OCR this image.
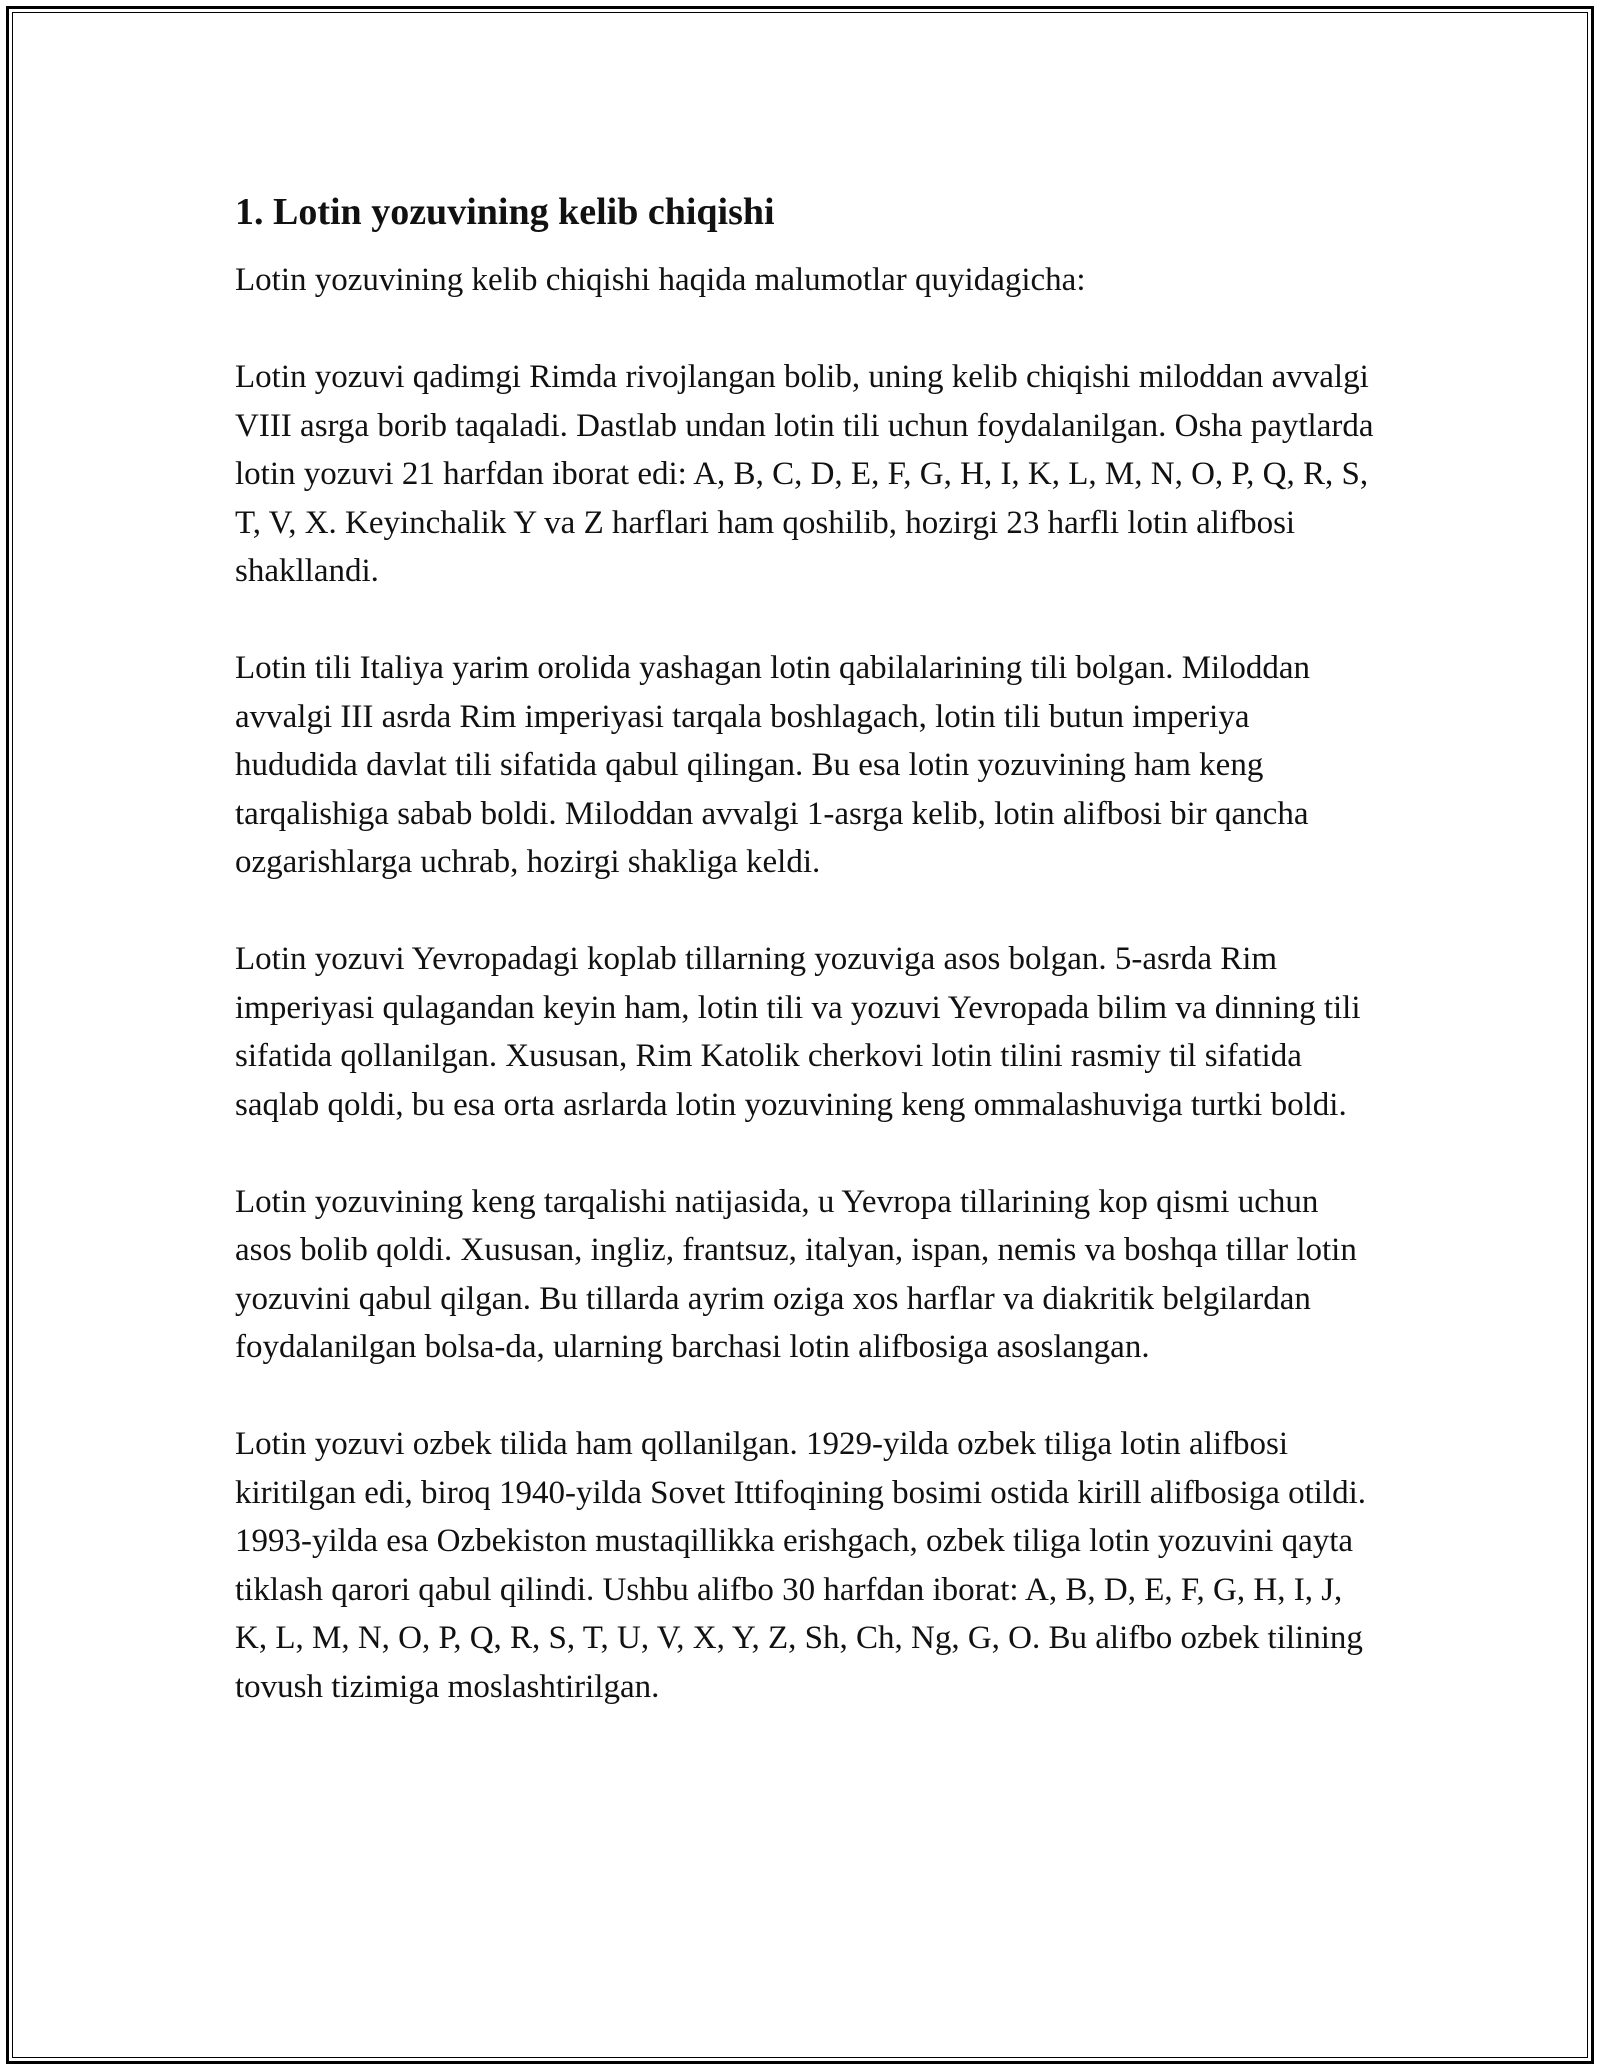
1. Lotin yozuvining kelib chiqishi

Lotin yozuvining kelib chiqishi haqida malumotlar quyidagicha:

Lotin yozuvi qadimgi Rimda rivojlangan bolib, uning kelib chiqishi miloddan avvalgi VIII asrga borib taqaladi. Dastlab undan lotin tili uchun foydalanilgan. Osha paytlarda lotin yozuvi 21 harfdan iborat edi: A, B, C, D, E, F, G, H, I, K, L, M, N, O, P, Q, R, S, T, V, X. Keyinchalik Y va Z harflari ham qoshilib, hozirgi 23 harfli lotin alifbosi shakllandi.

Lotin tili Italiya yarim orolida yashagan lotin qabilalarining tili bolgan. Miloddan avvalgi III asrda Rim imperiyasi tarqala boshlagach, lotin tili butun imperiya hududida davlat tili sifatida qabul qilingan. Bu esa lotin yozuvining ham keng tarqalishiga sabab boldi. Miloddan avvalgi 1-asrga kelib, lotin alifbosi bir qancha ozgarishlarga uchrab, hozirgi shakliga keldi.

Lotin yozuvi Yevropadagi koplab tillarning yozuviga asos bolgan. 5-asrda Rim imperiyasi qulagandan keyin ham, lotin tili va yozuvi Yevropada bilim va dinning tili sifatida qollanilgan. Xususan, Rim Katolik cherkovi lotin tilini rasmiy til sifatida saqlab qoldi, bu esa orta asrlarda lotin yozuvining keng ommalashuviga turtki boldi.

Lotin yozuvining keng tarqalishi natijasida, u Yevropa tillarining kop qismi uchun asos bolib qoldi. Xususan, ingliz, frantsuz, italyan, ispan, nemis va boshqa tillar lotin yozuvini qabul qilgan. Bu tillarda ayrim oziga xos harflar va diakritik belgilardan foydalanilgan bolsa-da, ularning barchasi lotin alifbosiga asoslangan.

Lotin yozuvi ozbek tilida ham qollanilgan. 1929-yilda ozbek tiliga lotin alifbosi kiritilgan edi, biroq 1940-yilda Sovet Ittifoqining bosimi ostida kirill alifbosiga otildi. 1993-yilda esa Ozbekiston mustaqillikka erishgach, ozbek tiliga lotin yozuvini qayta tiklash qarori qabul qilindi. Ushbu alifbo 30 harfdan iborat: A, B, D, E, F, G, H, I, J, K, L, M, N, O, P, Q, R, S, T, U, V, X, Y, Z, Sh, Ch, Ng, G, O. Bu alifbo ozbek tilining tovush tizimiga moslashtirilgan.
